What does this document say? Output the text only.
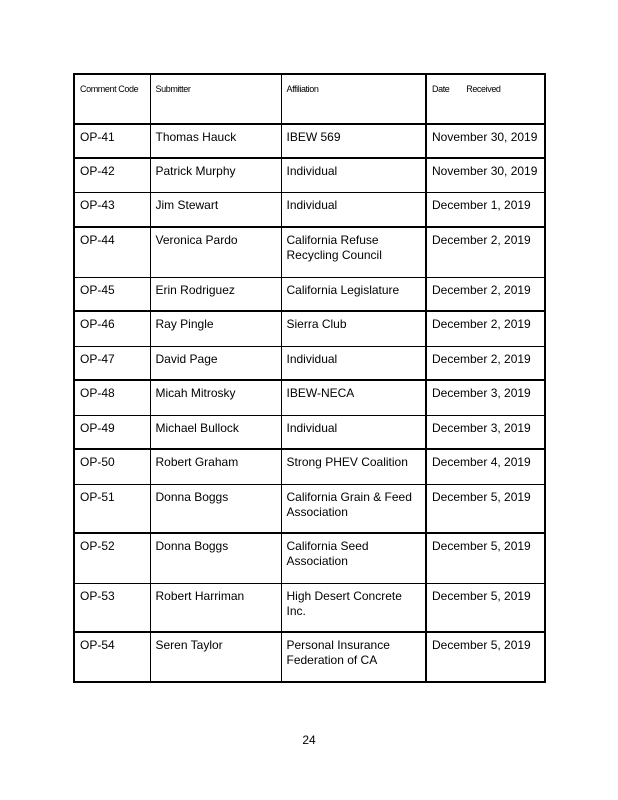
Comment Code	Submitter	Affiliation	Date        Received
OP-41	Thomas Hauck	IBEW 569	November 30, 2019
OP-42	Patrick Murphy	Individual	November 30, 2019
OP-43	Jim Stewart	Individual	December 1, 2019
OP-44	Veronica Pardo	California Refuse Recycling Council	December 2, 2019
OP-45	Erin Rodriguez	California Legislature	December 2, 2019
OP-46	Ray Pingle	Sierra Club	December 2, 2019
OP-47	David Page	Individual	December 2, 2019
OP-48	Micah Mitrosky	IBEW-NECA	December 3, 2019
OP-49	Michael Bullock	Individual	December 3, 2019
OP-50	Robert Graham	Strong PHEV Coalition	December 4, 2019
OP-51	Donna Boggs	California Grain & Feed Association	December 5, 2019
OP-52	Donna Boggs	California Seed Association	December 5, 2019
OP-53	Robert Harriman	High Desert Concrete Inc.	December 5, 2019
OP-54	Seren Taylor	Personal Insurance Federation of CA	December 5, 2019
24
